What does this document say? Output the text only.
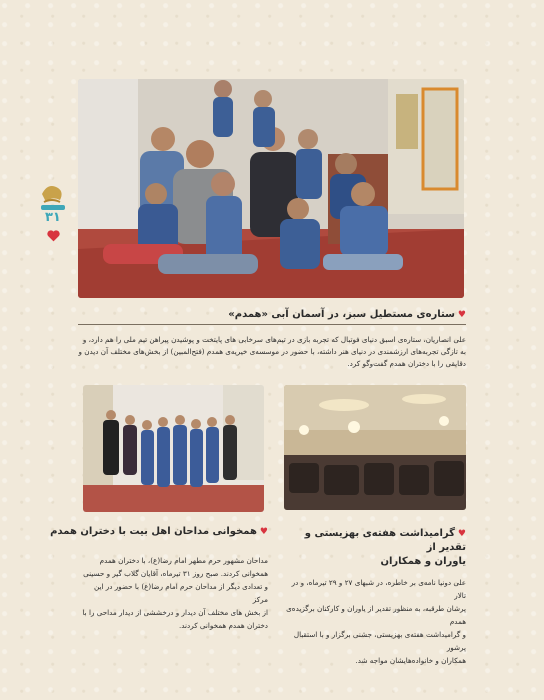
۳۱
♥ستاره‌ی مستطیل سبز، در آسمان آبی «همدم»
علی انصاریان، ستاره‌ی اسبق دنیای فوتبال که تجربه بازی در تیم‌های سرخابی های پایتخت و پوشیدن پیراهن تیم ملی را هم دارد، و
به تازگی تجربه‌های ارزشمندی در دنیای هنر داشته، با حضور در موسسه‌ی خیریه‌ی همدم (فتح‌المبین) از بخش‌های مختلف آن دیدن و
دقایقی را با دختران همدم گفت‌وگو کرد.
♥همخوانی مداحان اهل بیت با دختران همدم
مداحان مشهور حرم مطهر امام رضا(ع)، با دختران همدم
همخوانی کردند. صبح روز ۳۱ تیرماه، آقایان گلاب گیر و حسینی
و تعدادی دیگر از مداحان حرم امام رضا(ع) با حضور در این مرکز
از بخش های مختلف آن دیدار و درخششی از دیدار مداحی را با
دختران همدم همخوانی کردند.
♥گرامیداشت هفته‌ی بهزیستی و تقدیر از
یاوران و همکاران
علی دونیا نامه‌ی بر خاطره، در شبهای ۲۷ و ۲۹ تیرماه، و در تالار
پرشان طرقبه، به منظور تقدیر از یاوران و کارکنان برگزیده‌ی همدم
و گرامیداشت هفته‌ی بهزیستی، جشنی برگزار و با استقبال پرشور
همکاران و خانواده‌هایشان مواجه شد.
